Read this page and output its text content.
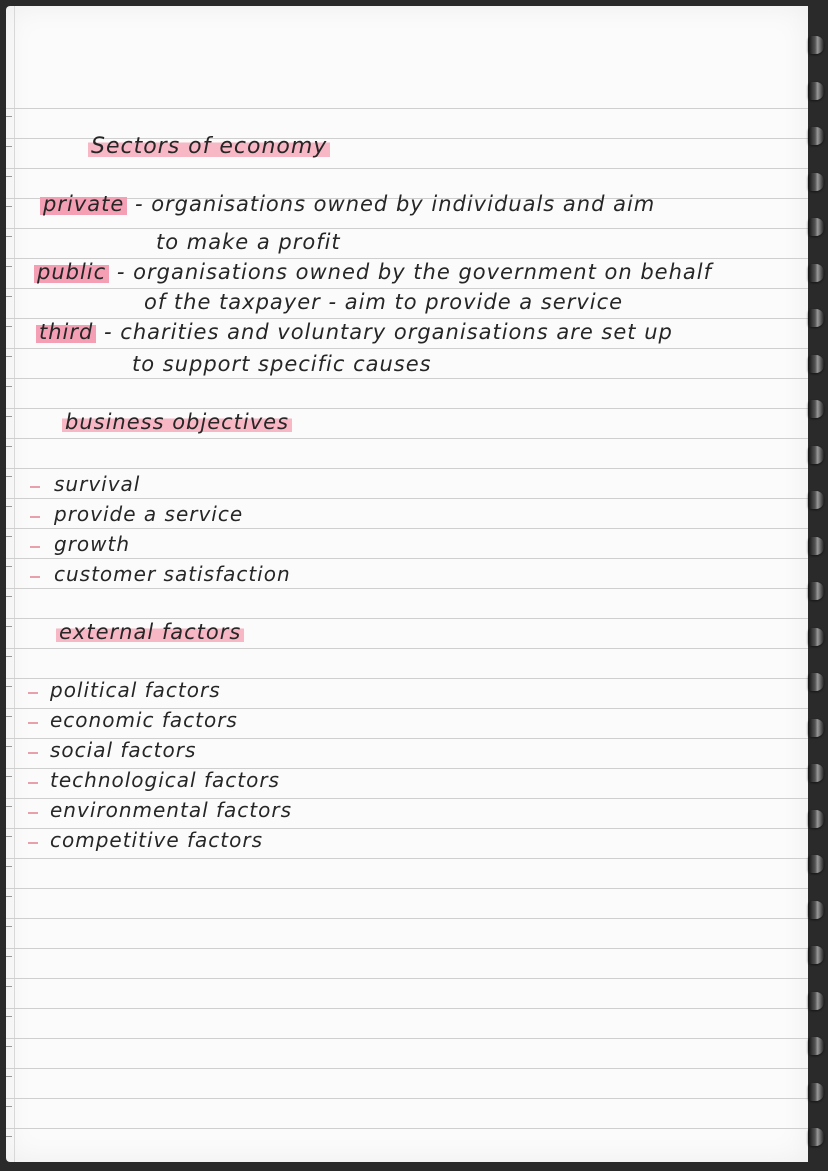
Sectors of economy
private - organisations owned by individuals and aim
to make a profit
public - organisations owned by the government on behalf
of the taxpayer - aim to provide a service
third - charities and voluntary organisations are set up
to support specific causes
business objectives
survival
provide a service
growth
customer satisfaction
external factors
political factors
economic factors
social factors
technological factors
environmental factors
competitive factors
